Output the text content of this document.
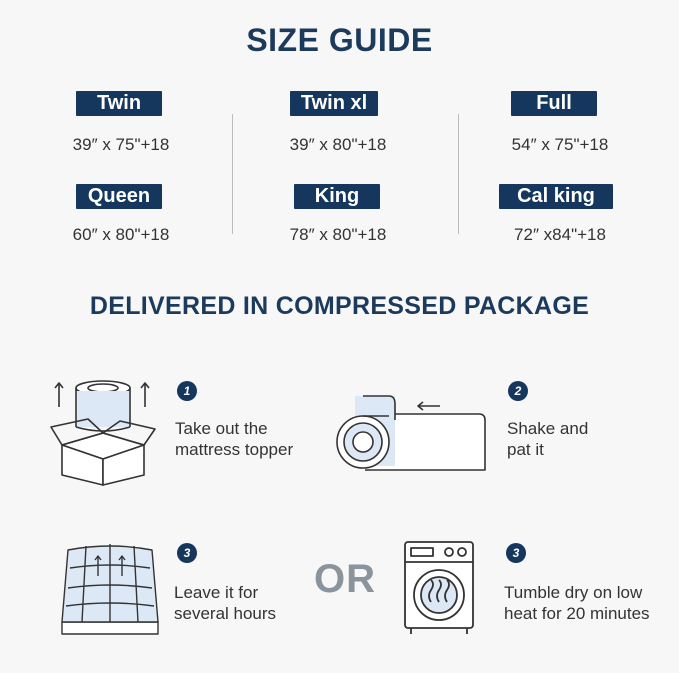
SIZE GUIDE
Twin
39″ x 75"+18
Twin xl
39″ x 80"+18
Full
54″ x 75"+18
Queen
60″ x 80"+18
King
78″ x 80"+18
Cal king
72″ x84"+18
DELIVERED IN COMPRESSED PACKAGE
1
Take out the
mattress topper
2
Shake and
pat it
3
Leave it for
several hours
OR
3
Tumble dry on low
heat for 20 minutes
